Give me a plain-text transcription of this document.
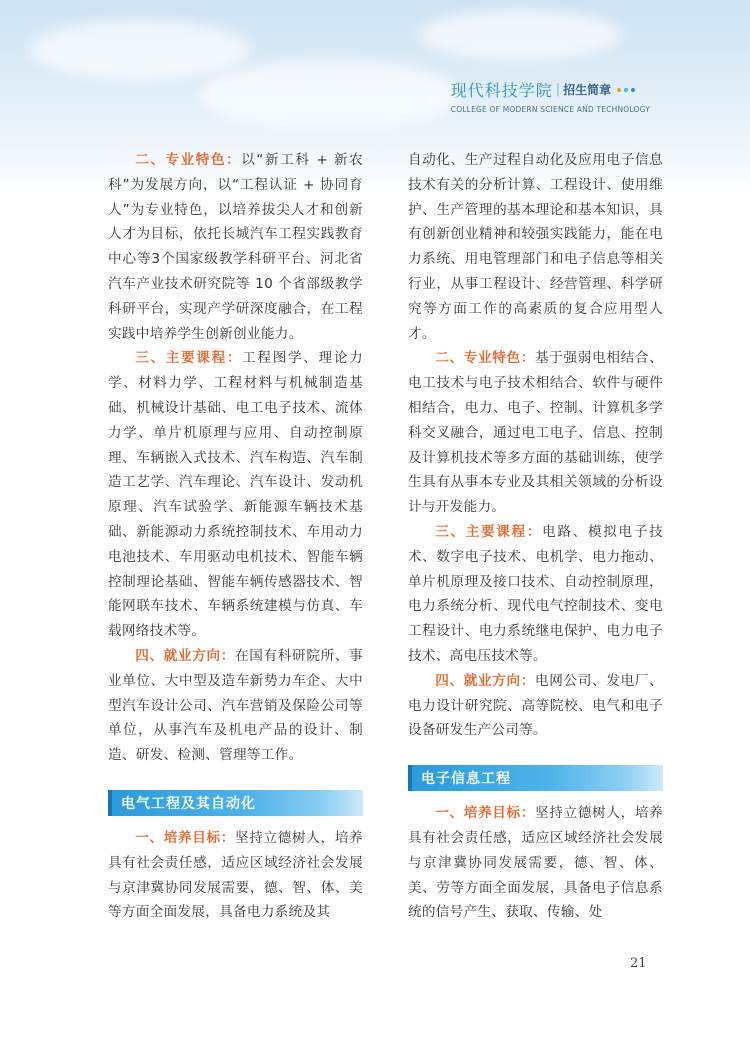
现代科技学院 | 招生简章
COLLEGE OF MODERN SCIENCE AND TECHNOLOGY

二、专业特色：以“新工科 + 新农科”为发展方向，以“工程认证 + 协同育人”为专业特色，以培养拔尖人才和创新人才为目标，依托长城汽车工程实践教育中心等3个国家级教学科研平台、河北省汽车产业技术研究院等 10 个省部级教学科研平台，实现产学研深度融合，在工程实践中培养学生创新创业能力。

三、主要课程：工程图学、理论力学、材料力学、工程材料与机械制造基础、机械设计基础、电工电子技术、流体力学、单片机原理与应用、自动控制原理、车辆嵌入式技术、汽车构造、汽车制造工艺学、汽车理论、汽车设计、发动机原理、汽车试验学、新能源车辆技术基础、新能源动力系统控制技术、车用动力电池技术、车用驱动电机技术、智能车辆控制理论基础、智能车辆传感器技术、智能网联车技术、车辆系统建模与仿真、车载网络技术等。

四、就业方向：在国有科研院所、事业单位、大中型及造车新势力车企、大中型汽车设计公司、汽车营销及保险公司等单位，从事汽车及机电产品的设计、制造、研发、检测、管理等工作。

电气工程及其自动化

一、培养目标：坚持立德树人，培养具有社会责任感，适应区域经济社会发展与京津冀协同发展需要，德、智、体、美等方面全面发展，具备电力系统及其

自动化、生产过程自动化及应用电子信息技术有关的分析计算、工程设计、使用维护、生产管理的基本理论和基本知识，具有创新创业精神和较强实践能力，能在电力系统、用电管理部门和电子信息等相关行业，从事工程设计、经营管理、科学研究等方面工作的高素质的复合应用型人才。

二、专业特色：基于强弱电相结合、电工技术与电子技术相结合、软件与硬件相结合，电力、电子、控制、计算机多学科交叉融合，通过电工电子、信息、控制及计算机技术等多方面的基础训练，使学生具有从事本专业及其相关领域的分析设计与开发能力。

三、主要课程：电路、模拟电子技术、数字电子技术、电机学、电力拖动、单片机原理及接口技术、自动控制原理，电力系统分析、现代电气控制技术、变电工程设计、电力系统继电保护、电力电子技术、高电压技术等。

四、就业方向：电网公司、发电厂、电力设计研究院、高等院校、电气和电子设备研发生产公司等。

电子信息工程

一、培养目标：坚持立德树人，培养具有社会责任感，适应区域经济社会发展与京津冀协同发展需要，德、智、体、美、劳等方面全面发展，具备电子信息系统的信号产生、获取、传输、处

21
